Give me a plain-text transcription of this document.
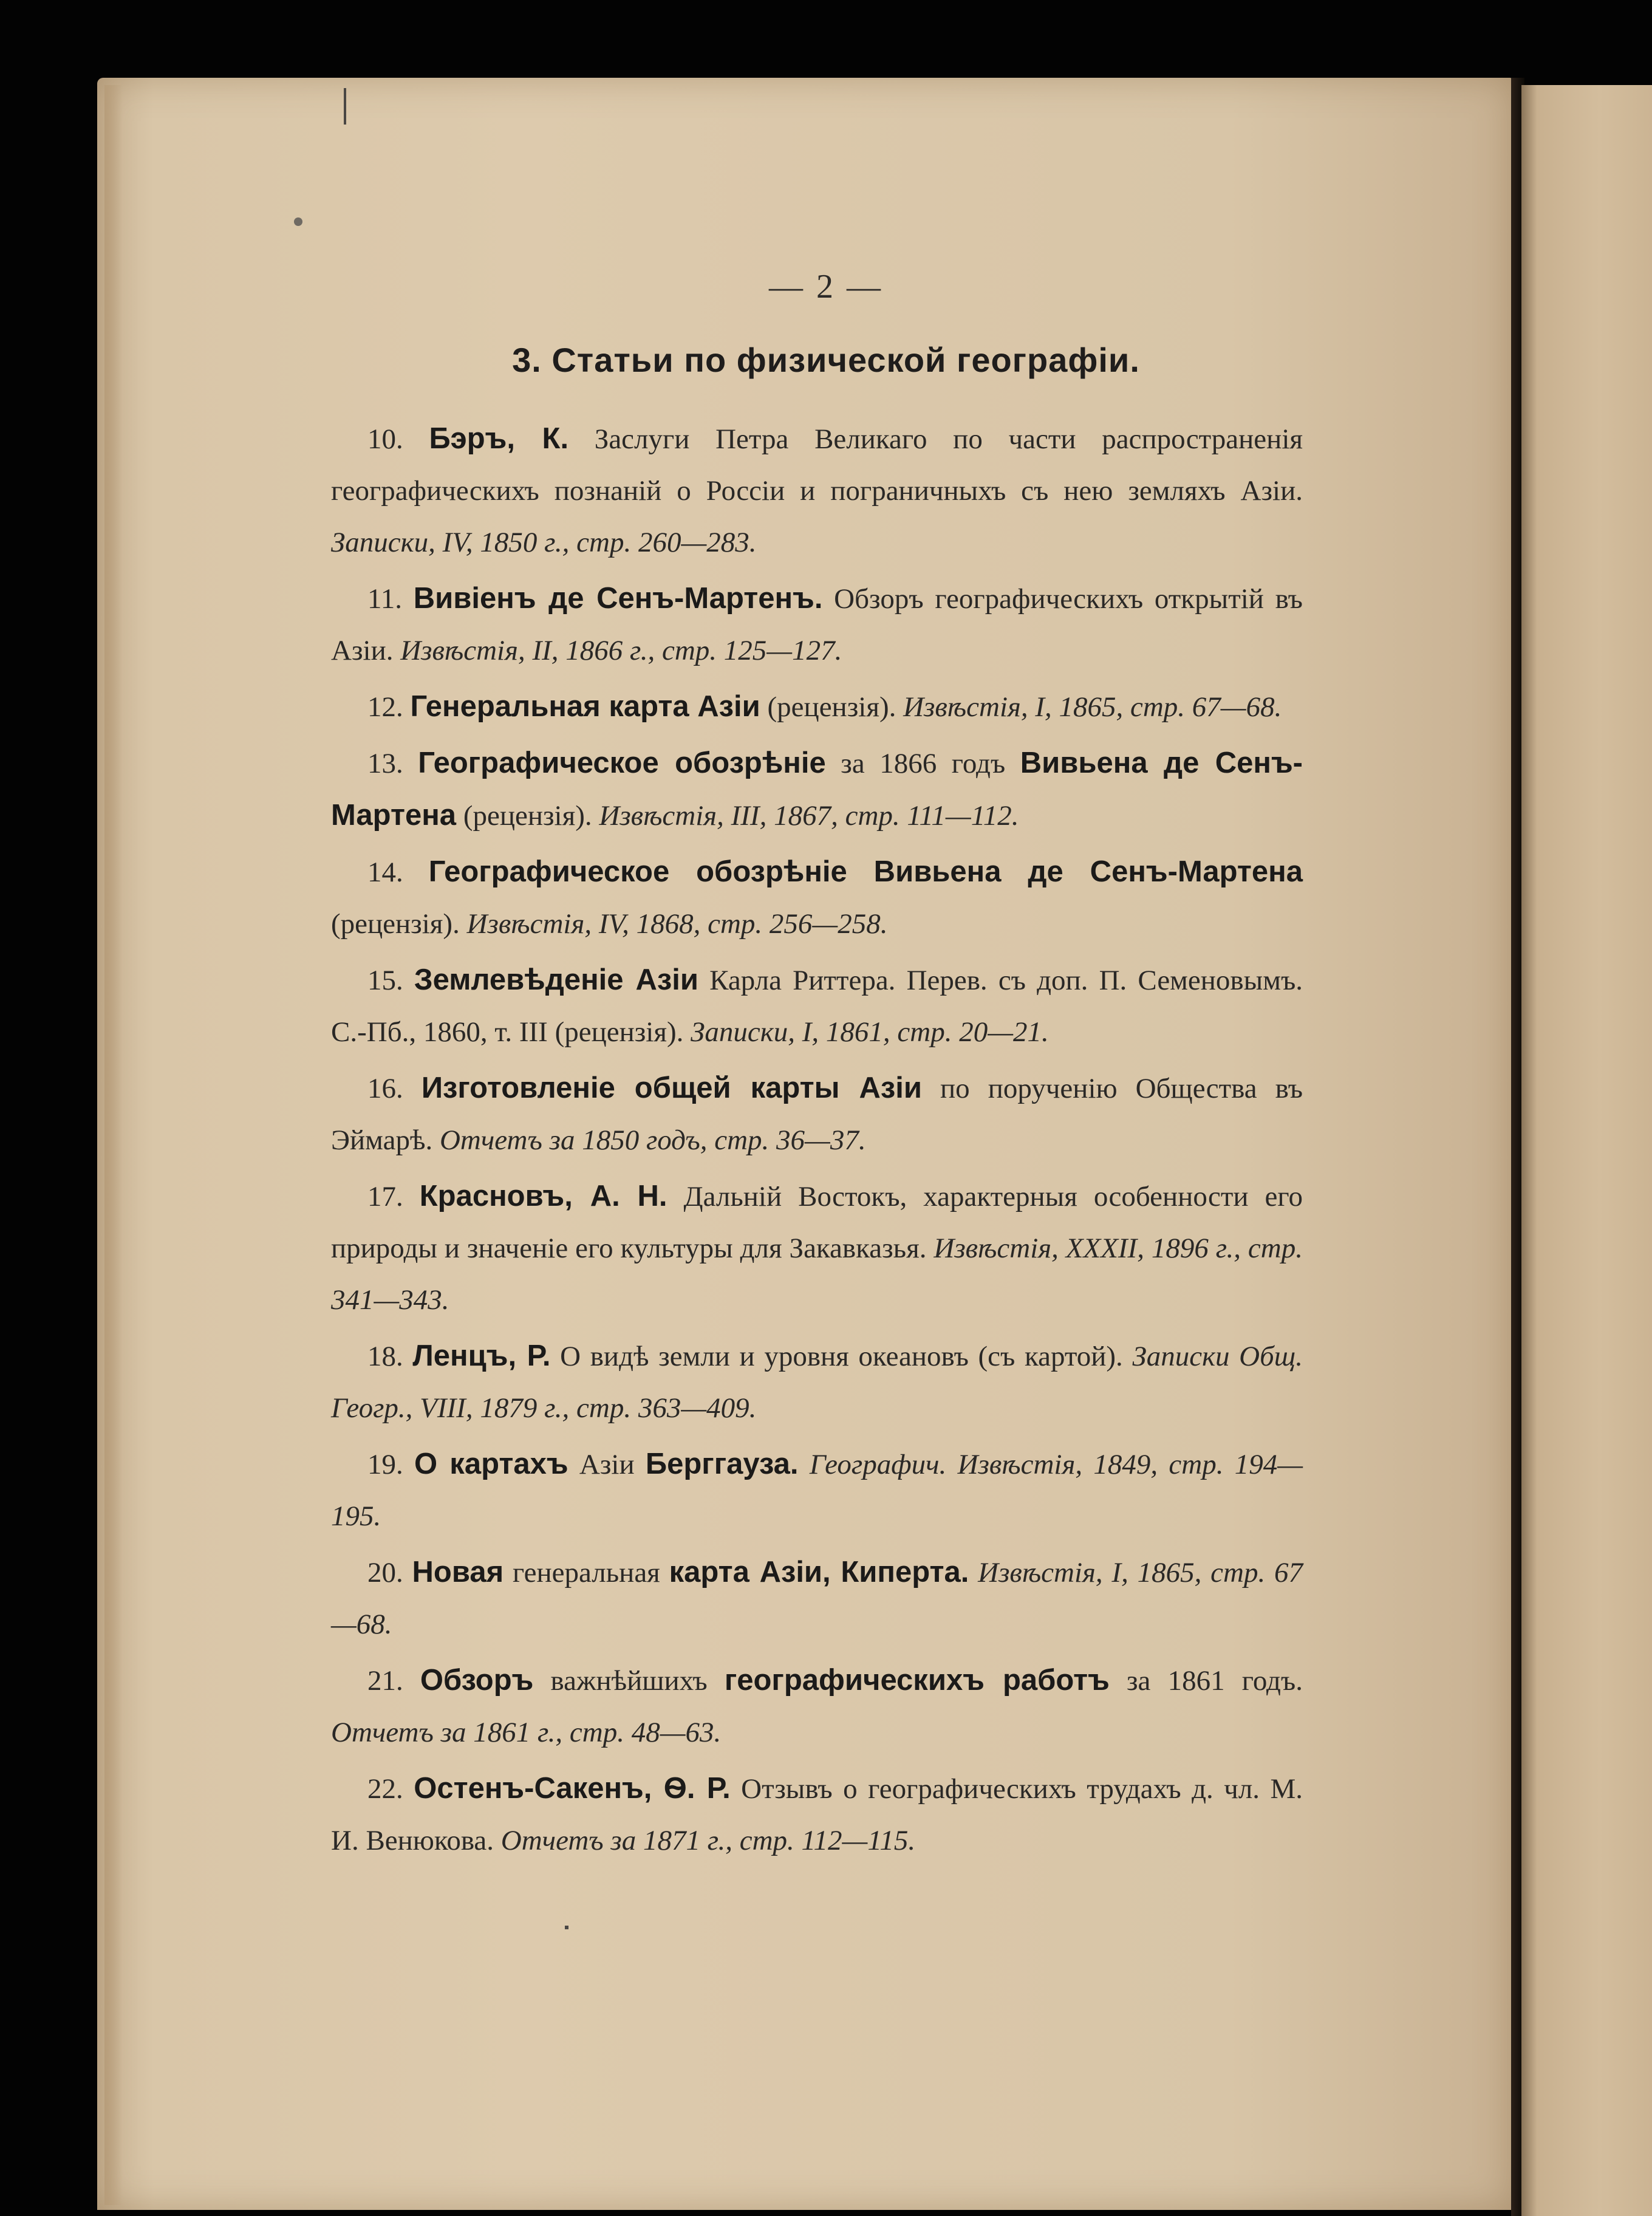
— 2 —
3. Статьи по физической географіи.

10. Бэръ, К. Заслуги Петра Великаго по части распространенія географическихъ познаній о Россіи и пограничныхъ съ нею земляхъ Азіи. Записки, IV, 1850 г., стр. 260—283.

11. Вивіенъ де Сенъ-Мартенъ. Обзоръ географическихъ открытій въ Азіи. Извѣстія, II, 1866 г., стр. 125—127.

12. Генеральная карта Азіи (рецензія). Извѣстія, I, 1865, стр. 67—68.

13. Географическое обозрѣніе за 1866 годъ Вивьена де Сенъ-Мартена (рецензія). Извѣстія, III, 1867, стр. 111—112.

14. Географическое обозрѣніе Вивьена де Сенъ-Мартена (рецензія). Извѣстія, IV, 1868, стр. 256—258.

15. Землевѣденіе Азіи Карла Риттера. Перев. съ доп. П. Семеновымъ. С.-Пб., 1860, т. III (рецензія). Записки, I, 1861, стр. 20—21.

16. Изготовленіе общей карты Азіи по порученію Общества въ Эймарѣ. Отчетъ за 1850 годъ, стр. 36—37.

17. Красновъ, А. Н. Дальній Востокъ, характерныя особенности его природы и значеніе его культуры для Закавказья. Извѣстія, XXXII, 1896 г., стр. 341—343.

18. Ленцъ, Р. О видѣ земли и уровня океановъ (съ картой). Записки Общ. Геогр., VIII, 1879 г., стр. 363—409.

19. О картахъ Азіи Берггауза. Географич. Извѣстія, 1849, стр. 194—195.

20. Новая генеральная карта Азіи, Киперта. Извѣстія, I, 1865, стр. 67—68.

21. Обзоръ важнѣйшихъ географическихъ работъ за 1861 годъ. Отчетъ за 1861 г., стр. 48—63.

22. Остенъ-Сакенъ, Ѳ. Р. Отзывъ о географическихъ трудахъ д. чл. М. И. Венюкова. Отчетъ за 1871 г., стр. 112—115.
